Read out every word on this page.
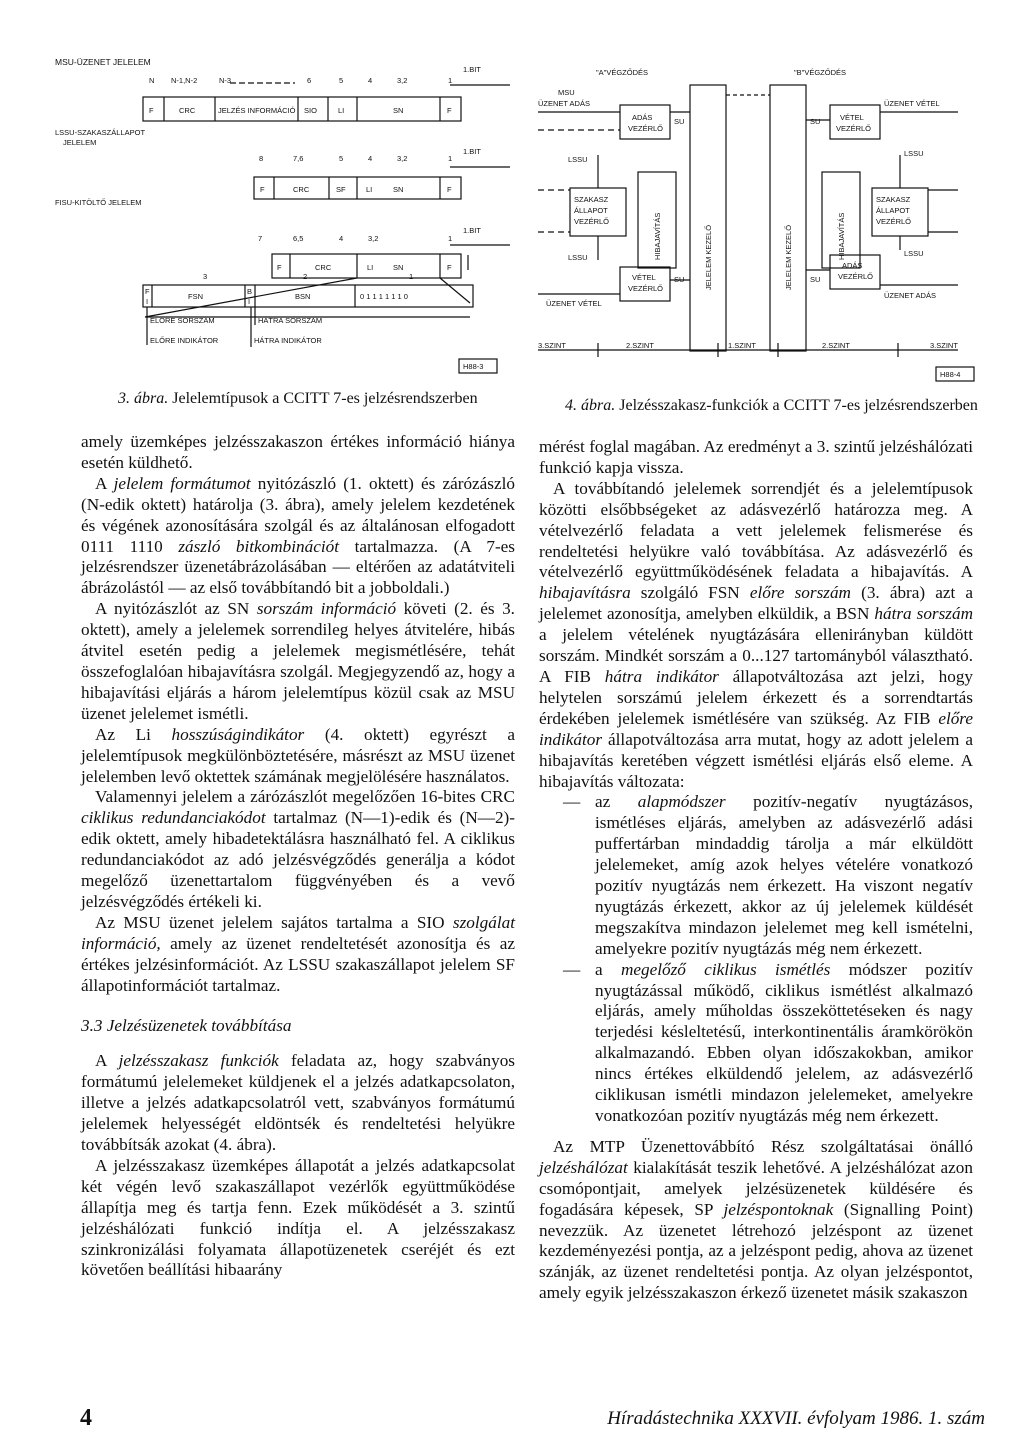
MSU-ÜZENET JELELEM
N N-1,N-2	N-3	6	5	4	3,2	1
1.BIT
F	CRC	JELZÉS INFORMÁCIÓ SIO	LI	SN	F
LSSU-SZAKASZÁLLAPOT
JELELEM
1.BIT
8	7,6	5	4	3,2	1
F	CRC	SF	LI	SN	F
FISU-KITÖLTŐ JELELEM
1.BIT
7	6,5	4	3,2	1
F	CRC	LI	SN	F
3	2	1
F
I
FSN
B
I
BSN	0 1 1 1 1 1 1 0
ELŐRE SORSZÁM	HÁTRA SORSZÁM
ELŐRE INDIKÁTOR	HÁTRA INDIKÁTOR
H88-3
3. ábra. Jelelemtípusok a CCITT 7-es jelzésrendszerben
"A"VÉGZŐDÉS	"B"VÉGZŐDÉS
MSU
ÜZENET ADÁS
ADÁS
VEZÉRLŐ
SU
LSSU
SZAKASZ
ÁLLAPOT
VEZÉRLŐ	HIBAJAVÍTÁS	JELELEM KEZELŐ
LSSU
VÉTEL
VEZÉRLŐ
SU
ÜZENET VÉTEL
ÜZENET VÉTEL
SU	VÉTEL
VEZÉRLŐ
LSSU
HIBAJAVÍTÁS
JELELEM KEZELŐ
SZAKASZ
ÁLLAPOT
VEZÉRLŐ
LSSU
SU
ADÁS
VEZÉRLŐ
ÜZENET ADÁS
3.SZINT	2.SZINT	1.SZINT	2.SZINT	3.SZINT
H88-4
4. ábra. Jelzésszakasz-funkciók a CCITT 7-es jelzésrendszerben

amely üzemképes jelzésszakaszon értékes információ hiánya esetén küldhető.

A jelelem formátumot nyitózászló (1. oktett) és zárózászló (N-edik oktett) határolja (3. ábra), amely jelelem kezdetének és végének azonosítására szolgál és az általánosan elfogadott 0111 1110 zászló bitkombinációt tartalmazza. (A 7-es jelzésrendszer üzenetábrázolásában — eltérően az adatátviteli ábrázolástól — az első továbbítandó bit a jobboldali.)

A nyitózászlót az SN sorszám információ követi (2. és 3. oktett), amely a jelelemek sorrendileg helyes átvitelére, hibás átvitel esetén pedig a jelelemek megismétlésére, tehát összefoglalóan hibajavításra szolgál. Megjegyzendő az, hogy a hibajavítási eljárás a három jelelemtípus közül csak az MSU üzenet jelelemet ismétli.

Az Li hosszúságindikátor (4. oktett) egyrészt a jelelemtípusok megkülönböztetésére, másrészt az MSU üzenet jelelemben levő oktettek számának megjelölésére használatos.

Valamennyi jelelem a zárózászlót megelőzően 16-bites CRC ciklikus redundanciakódot tartalmaz (N—1)-edik és (N—2)-edik oktett, amely hibadetektálásra használható fel. A ciklikus redundanciakódot az adó jelzésvégződés generálja a kódot megelőző üzenettartalom függvényében és a vevő jelzésvégződés értékeli ki.

Az MSU üzenet jelelem sajátos tartalma a SIO szolgálat információ, amely az üzenet rendeltetését azonosítja és az értékes jelzésinformációt. Az LSSU szakaszállapot jelelem SF állapotinformációt tartalmaz.

3.3 Jelzésüzenetek továbbítása

A jelzésszakasz funkciók feladata az, hogy szabványos formátumú jelelemeket küldjenek el a jelzés adatkapcsolaton, illetve a jelzés adatkapcsolatról vett, szabványos formátumú jelelemek helyességét eldöntsék és rendeltetési helyükre továbbítsák azokat (4. ábra).

A jelzésszakasz üzemképes állapotát a jelzés adatkapcsolat két végén levő szakaszállapot vezérlők együttműködése állapítja meg és tartja fenn. Ezek működését a 3. szintű jelzéshálózati funkció indítja el. A jelzésszakasz szinkronizálási folyamata állapotüzenetek cseréjét és ezt követően beállítási hibaarány

mérést foglal magában. Az eredményt a 3. szintű jelzéshálózati funkció kapja vissza.

A továbbítandó jelelemek sorrendjét és a jelelemtípusok közötti elsőbbségeket az adásvezérlő határozza meg. A vételvezérlő feladata a vett jelelemek felismerése és rendeltetési helyükre való továbbítása. Az adásvezérlő és vételvezérlő együttműködésének feladata a hibajavítás. A hibajavításra szolgáló FSN előre sorszám (3. ábra) azt a jelelemet azonosítja, amelyben elküldik, a BSN hátra sorszám a jelelem vételének nyugtázására ellenirányban küldött sorszám. Mindkét sorszám a 0...127 tartományból választható. A FIB hátra indikátor állapotváltozása azt jelzi, hogy helytelen sorszámú jelelem érkezett és a sorrendtartás érdekében jelelemek ismétlésére van szükség. Az FIB előre indikátor állapotváltozása arra mutat, hogy az adott jelelem a hibajavítás keretében végzett ismétlési eljárás első eleme. A hibajavítás változata:

— az alapmódszer pozitív-negatív nyugtázásos, ismétléses eljárás, amelyben az adásvezérlő adási puffertárban mindaddig tárolja a már elküldött jelelemeket, amíg azok helyes vételére vonatkozó pozitív nyugtázás nem érkezett. Ha viszont negatív nyugtázás érkezett, akkor az új jelelemek küldését megszakítva mindazon jelelemet meg kell ismételni, amelyekre pozitív nyugtázás még nem érkezett.

— a megelőző ciklikus ismétlés módszer pozitív nyugtázással működő, ciklikus ismétlést alkalmazó eljárás, amely műholdas összeköttetéseken és nagy terjedési késleltetésű, interkontinentális áramkörökön alkalmazandó. Ebben olyan időszakokban, amikor nincs értékes elküldendő jelelem, az adásvezérlő ciklikusan ismétli mindazon jelelemeket, amelyekre vonatkozóan pozitív nyugtázás még nem érkezett.

Az MTP Üzenettovábbító Rész szolgáltatásai önálló jelzéshálózat kialakítását teszik lehetővé. A jelzéshálózat azon csomópontjait, amelyek jelzésüzenetek küldésére és fogadására képesek, SP jelzéspontoknak (Signalling Point) nevezzük. Az üzenetet létrehozó jelzéspont az üzenet kezdeményezési pontja, az a jelzéspont pedig, ahova az üzenet szánják, az üzenet rendeltetési pontja. Az olyan jelzéspontot, amely egyik jelzésszakaszon érkező üzenetet másik szakaszon

4	Híradástechnika XXXVII. évfolyam 1986. 1. szám
